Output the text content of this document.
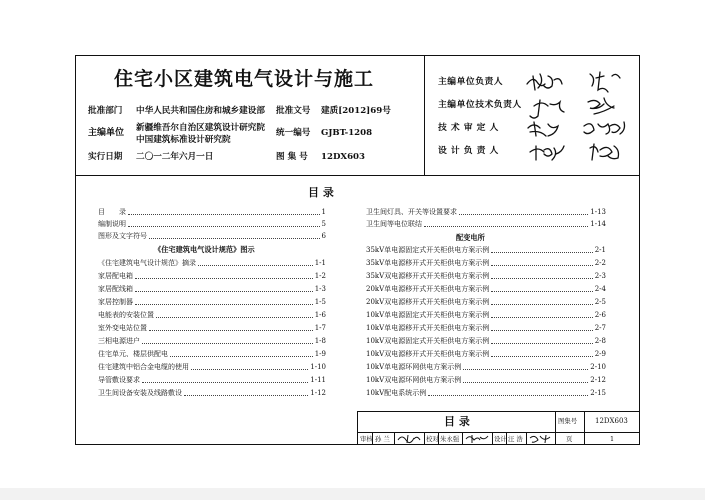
住宅小区建筑电气设计与施工
批准部门 中华人民共和国住房和城乡建设部 批准文号 建质[2012]69号
主编单位 新疆维吾尔自治区建筑设计研究院
中国建筑标准设计研究院
统一编号 GJBT-1208
实行日期 二〇一二年六月一日	图 集 号 12DX603
主编单位负责人
主编单位技术负责人
技 术 审 定 人
设 计 负 责 人
目 录
目　　录	1
编制说明	5
图形及文字符号	6
《住宅建筑电气设计规范》图示
《住宅建筑电气设计规范》摘录	1-1
家居配电箱	1-2
家居配线箱	1-3
家居控制器	1-5
电能表的安装位置	1-6
室外变电站位置	1-7
三相电源进户	1-8
住宅单元、楼层供配电	1-9
住宅建筑中铝合金电缆的使用	1-10
导管敷设要求	1-11
卫生间设备安装及线路敷设	1-12
卫生间灯具、开关等设置要求	1-13
卫生间等电位联结	1-14
配变电所
35kV单电源固定式开关柜供电方案示例	2-1
35kV单电源移开式开关柜供电方案示例	2-2
35kV双电源移开式开关柜供电方案示例	2-3
20kV单电源移开式开关柜供电方案示例	2-4
20kV双电源移开式开关柜供电方案示例	2-5
10kV单电源固定式开关柜供电方案示例	2-6
10kV单电源移开式开关柜供电方案示例	2-7
10kV双电源固定式开关柜供电方案示例	2-8
10kV双电源移开式开关柜供电方案示例	2-9
10kV单电源环网供电方案示例	2-10
10kV双电源环网供电方案示例	2-12
10kV配电系统示例	2-15
目 录	图集号	12DX603
审核 孙 兰	校对 朱永强	设计 汪 浩	页	1
